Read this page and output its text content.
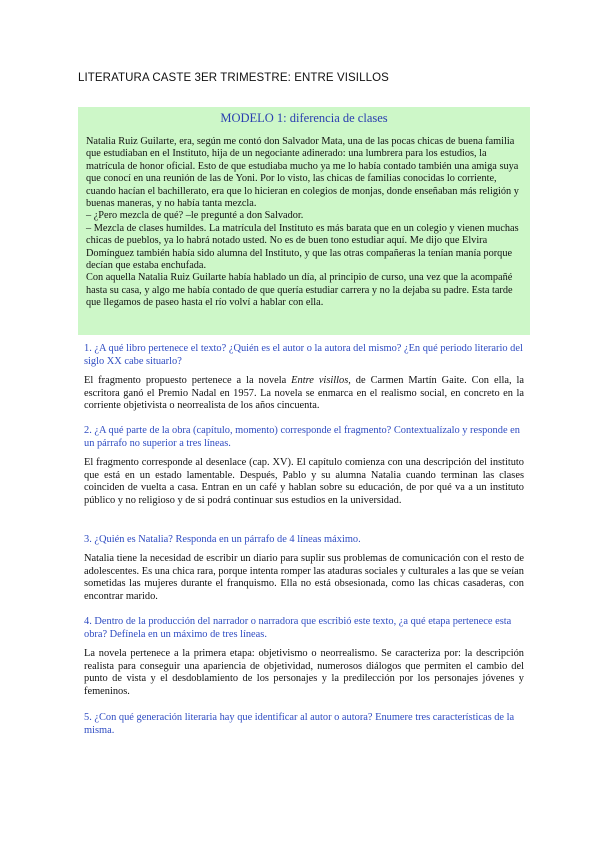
LITERATURA CASTE 3ER TRIMESTRE: ENTRE VISILLOS
MODELO 1: diferencia de clases

Natalia Ruiz Guilarte, era, según me contó don Salvador Mata, una de las pocas chicas de buena familia que estudiaban en el Instituto, hija de un negociante adinerado: una lumbrera para los estudios, la matrícula de honor oficial. Esto de que estudiaba mucho ya me lo había contado también una amiga suya que conocí en una reunión de las de Yoni. Por lo visto, las chicas de familias conocidas lo corriente, cuando hacían el bachillerato, era que lo hicieran en colegios de monjas, donde enseñaban más religión y buenas maneras, y no había tanta mezcla.

– ¿Pero mezcla de qué? –le pregunté a don Salvador.

– Mezcla de clases humildes. La matrícula del Instituto es más barata que en un colegio y vienen muchas chicas de pueblos, ya lo habrá notado usted. No es de buen tono estudiar aquí. Me dijo que Elvira Domínguez también había sido alumna del Instituto, y que las otras compañeras la tenían manía porque decían que estaba enchufada.

Con aquella Natalia Ruiz Guilarte había hablado un día, al principio de curso, una vez que la acompañé hasta su casa, y algo me había contado de que quería estudiar carrera y no la dejaba su padre. Esta tarde que llegamos de paseo hasta el río volví a hablar con ella.

1. ¿A qué libro pertenece el texto? ¿Quién es el autor o la autora del mismo? ¿En qué periodo literario del siglo XX cabe situarlo?

El fragmento propuesto pertenece a la novela Entre visillos, de Carmen Martín Gaite. Con ella, la escritora ganó el Premio Nadal en 1957. La novela se enmarca en el realismo social, en concreto en la corriente objetivista o neorrealista de los años cincuenta.

2. ¿A qué parte de la obra (capítulo, momento) corresponde el fragmento? Contextualízalo y responde en un párrafo no superior a tres líneas.

El fragmento corresponde al desenlace (cap. XV). El capítulo comienza con una descripción del instituto que está en un estado lamentable. Después, Pablo y su alumna Natalia cuando terminan las clases coinciden de vuelta a casa. Entran en un café y hablan sobre su educación, de por qué va a un instituto público y no religioso y de si podrá continuar sus estudios en la universidad.

3. ¿Quién es Natalia? Responda en un párrafo de 4 líneas máximo.

Natalia tiene la necesidad de escribir un diario para suplir sus problemas de comunicación con el resto de adolescentes. Es una chica rara, porque intenta romper las ataduras sociales y culturales a las que se veían sometidas las mujeres durante el franquismo. Ella no está obsesionada, como las chicas casaderas, con encontrar marido.

4. Dentro de la producción del narrador o narradora que escribió este texto, ¿a qué etapa pertenece esta obra? Defínela en un máximo de tres líneas.

La novela pertenece a la primera etapa: objetivismo o neorrealismo. Se caracteriza por: la descripción realista para conseguir una apariencia de objetividad, numerosos diálogos que permiten el cambio del punto de vista y el desdoblamiento de los personajes y la predilección por los personajes jóvenes y femeninos.

5. ¿Con qué generación literaria hay que identificar al autor o autora? Enumere tres características de la misma.
